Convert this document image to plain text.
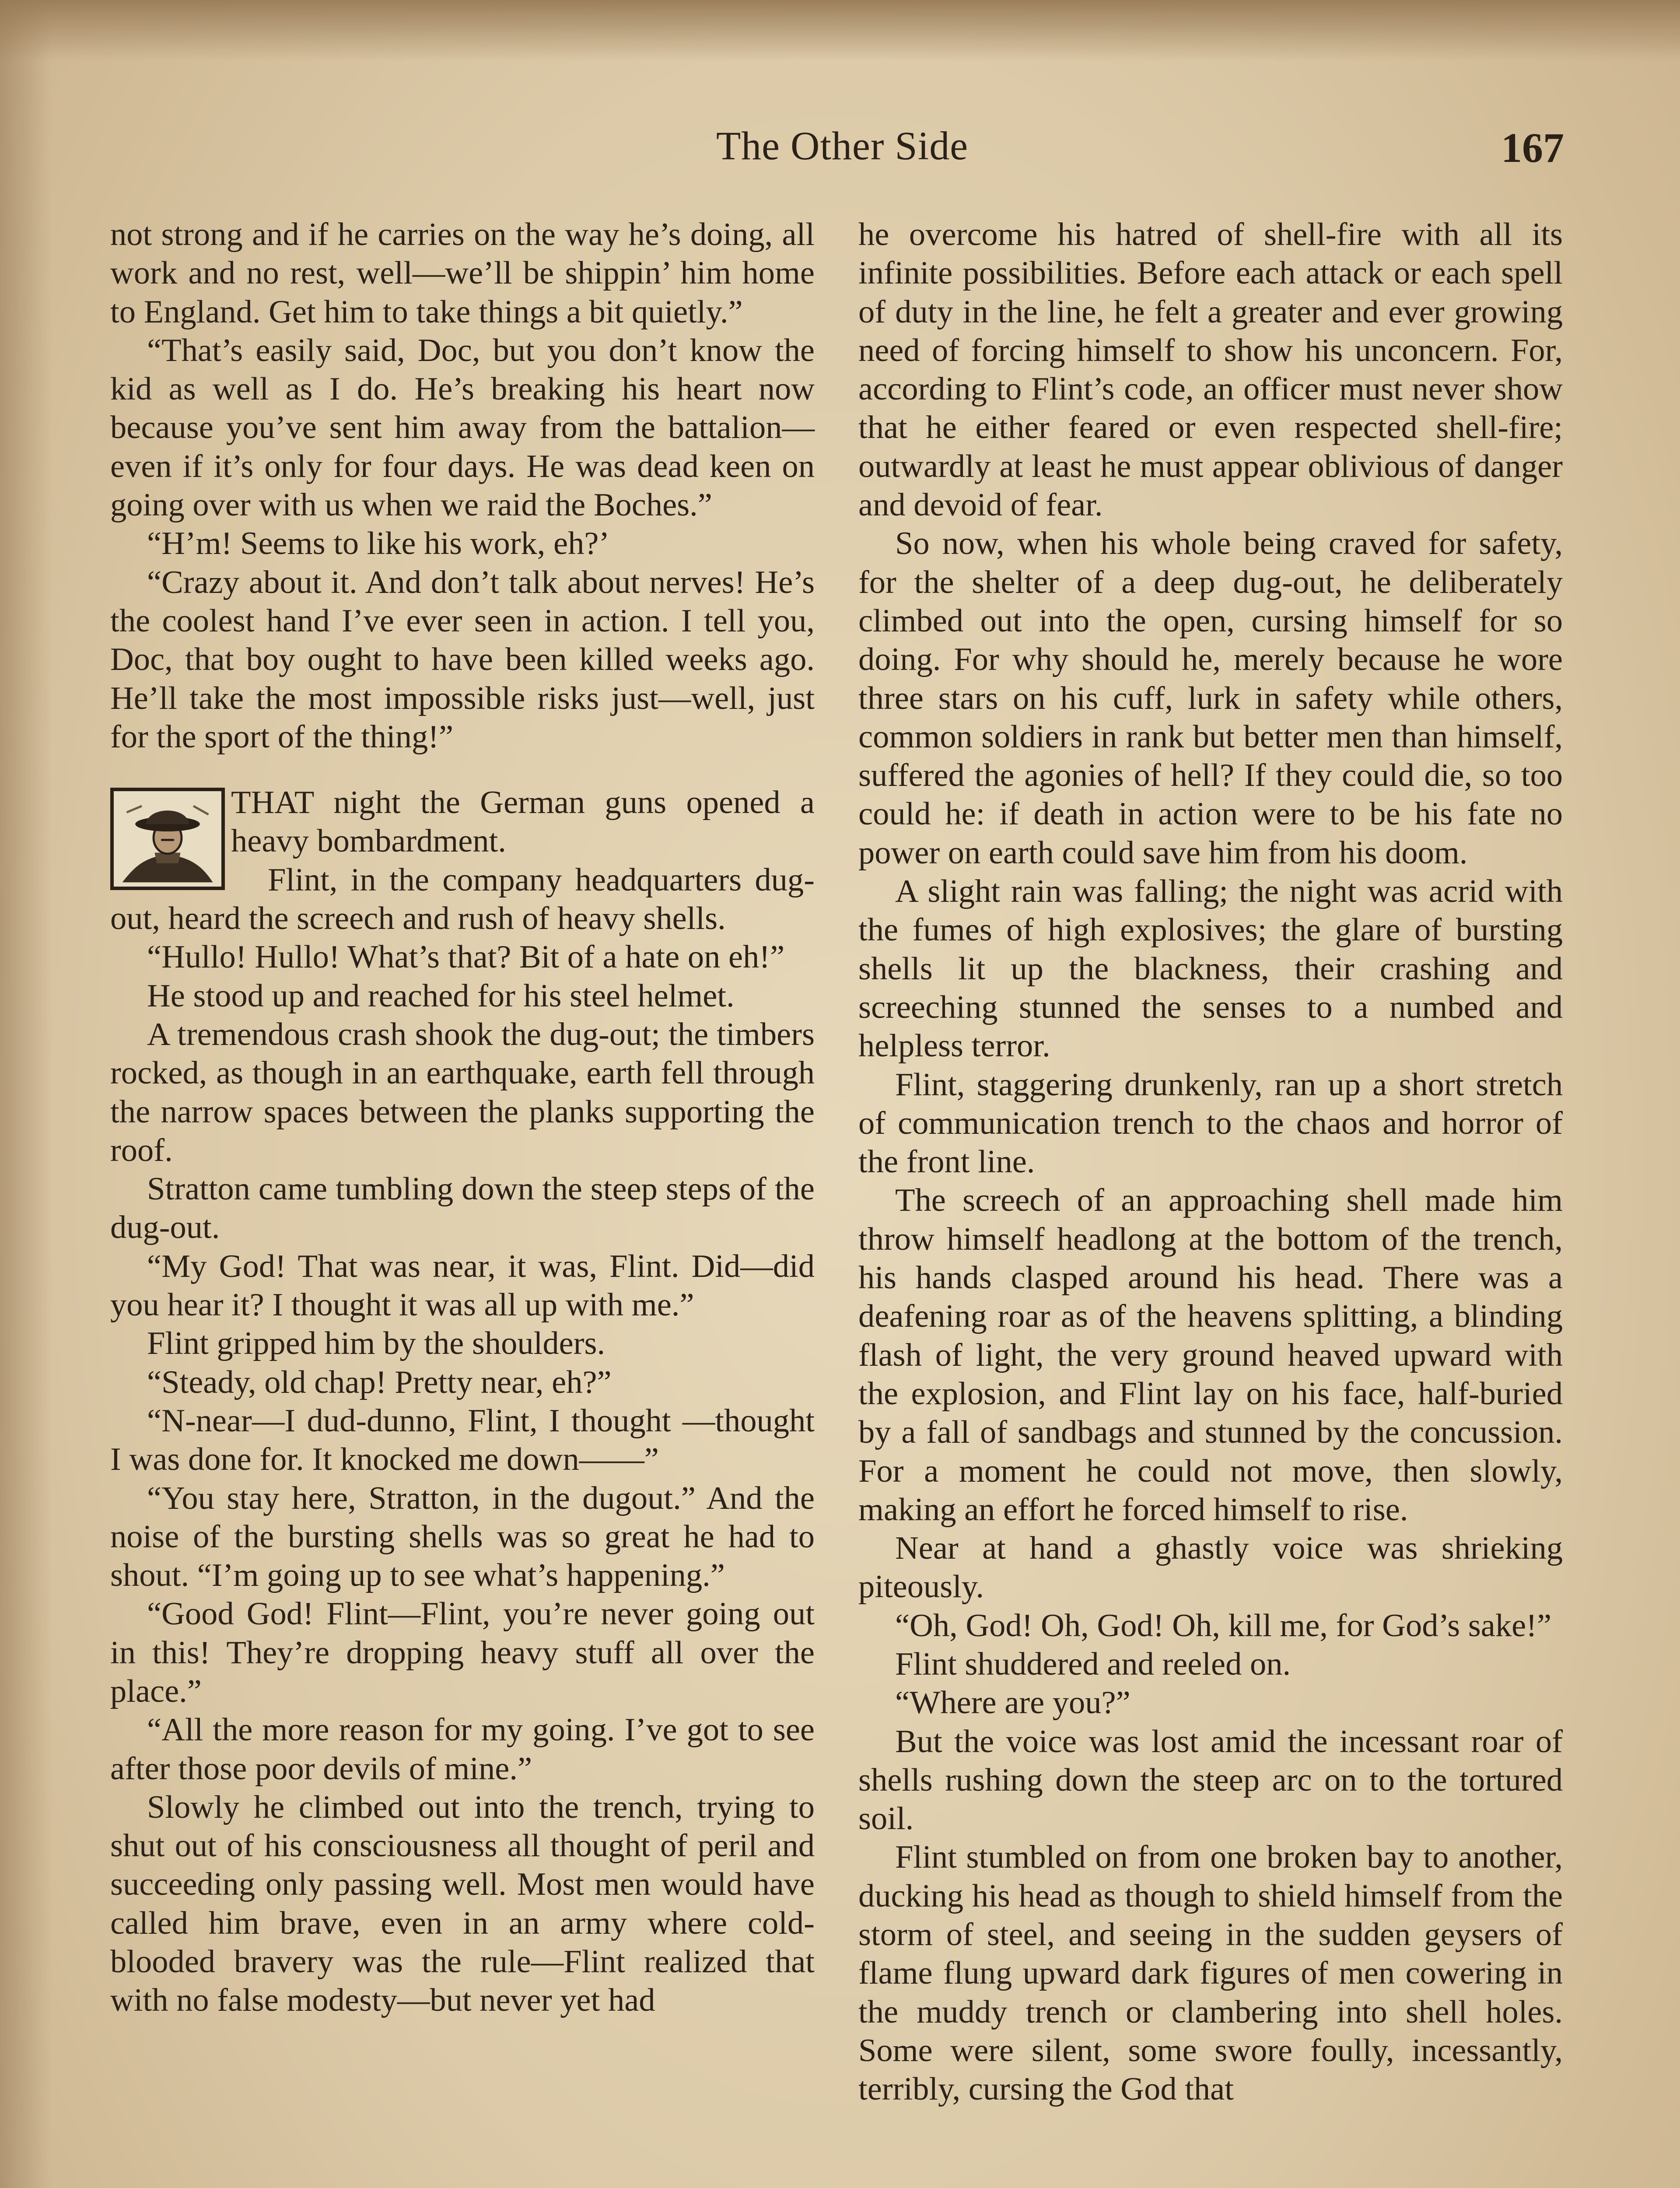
The Other Side	167

not strong and if he carries on the way he’s doing, all work and no rest, well—we’ll be shippin’ him home to England. Get him to take things a bit quietly.”

“That’s easily said, Doc, but you don’t know the kid as well as I do. He’s breaking his heart now because you’ve sent him away from the battalion—even if it’s only for four days. He was dead keen on going over with us when we raid the Boches.”

“H’m! Seems to like his work, eh?’

“Crazy about it. And don’t talk about nerves! He’s the coolest hand I’ve ever seen in action. I tell you, Doc, that boy ought to have been killed weeks ago. He’ll take the most impossible risks just—well, just for the sport of the thing!”

THAT night the German guns opened a heavy bombardment.

Flint, in the company headquarters dug-out, heard the screech and rush of heavy shells.

“Hullo! Hullo! What’s that? Bit of a hate on eh!”

He stood up and reached for his steel helmet.

A tremendous crash shook the dug-out; the timbers rocked, as though in an earthquake, earth fell through the narrow spaces between the planks supporting the roof.

Stratton came tumbling down the steep steps of the dug-out.

“My God! That was near, it was, Flint. Did—did you hear it? I thought it was all up with me.”

Flint gripped him by the shoulders.

“Steady, old chap! Pretty near, eh?”

“N-near—I dud-dunno, Flint, I thought —thought I was done for. It knocked me down——”

“You stay here, Stratton, in the dugout.” And the noise of the bursting shells was so great he had to shout. “I’m going up to see what’s happening.”

“Good God! Flint—Flint, you’re never going out in this! They’re dropping heavy stuff all over the place.”

“All the more reason for my going. I’ve got to see after those poor devils of mine.”

Slowly he climbed out into the trench, trying to shut out of his consciousness all thought of peril and succeeding only passing well. Most men would have called him brave, even in an army where cold-blooded bravery was the rule—Flint realized that with no false modesty—but never yet had

he overcome his hatred of shell-fire with all its infinite possibilities. Before each attack or each spell of duty in the line, he felt a greater and ever growing need of forcing himself to show his unconcern. For, according to Flint’s code, an officer must never show that he either feared or even respected shell-fire; outwardly at least he must appear oblivious of danger and devoid of fear.

So now, when his whole being craved for safety, for the shelter of a deep dug-out, he deliberately climbed out into the open, cursing himself for so doing. For why should he, merely because he wore three stars on his cuff, lurk in safety while others, common soldiers in rank but better men than himself, suffered the agonies of hell? If they could die, so too could he: if death in action were to be his fate no power on earth could save him from his doom.

A slight rain was falling; the night was acrid with the fumes of high explosives; the glare of bursting shells lit up the blackness, their crashing and screeching stunned the senses to a numbed and helpless terror.

Flint, staggering drunkenly, ran up a short stretch of communication trench to the chaos and horror of the front line.

The screech of an approaching shell made him throw himself headlong at the bottom of the trench, his hands clasped around his head. There was a deafening roar as of the heavens splitting, a blinding flash of light, the very ground heaved upward with the explosion, and Flint lay on his face, half-buried by a fall of sandbags and stunned by the concussion. For a moment he could not move, then slowly, making an effort he forced himself to rise.

Near at hand a ghastly voice was shrieking piteously.

“Oh, God! Oh, God! Oh, kill me, for God’s sake!”

Flint shuddered and reeled on.

“Where are you?”

But the voice was lost amid the incessant roar of shells rushing down the steep arc on to the tortured soil.

Flint stumbled on from one broken bay to another, ducking his head as though to shield himself from the storm of steel, and seeing in the sudden geysers of flame flung upward dark figures of men cowering in the muddy trench or clambering into shell holes. Some were silent, some swore foully, incessantly, terribly, cursing the God that
